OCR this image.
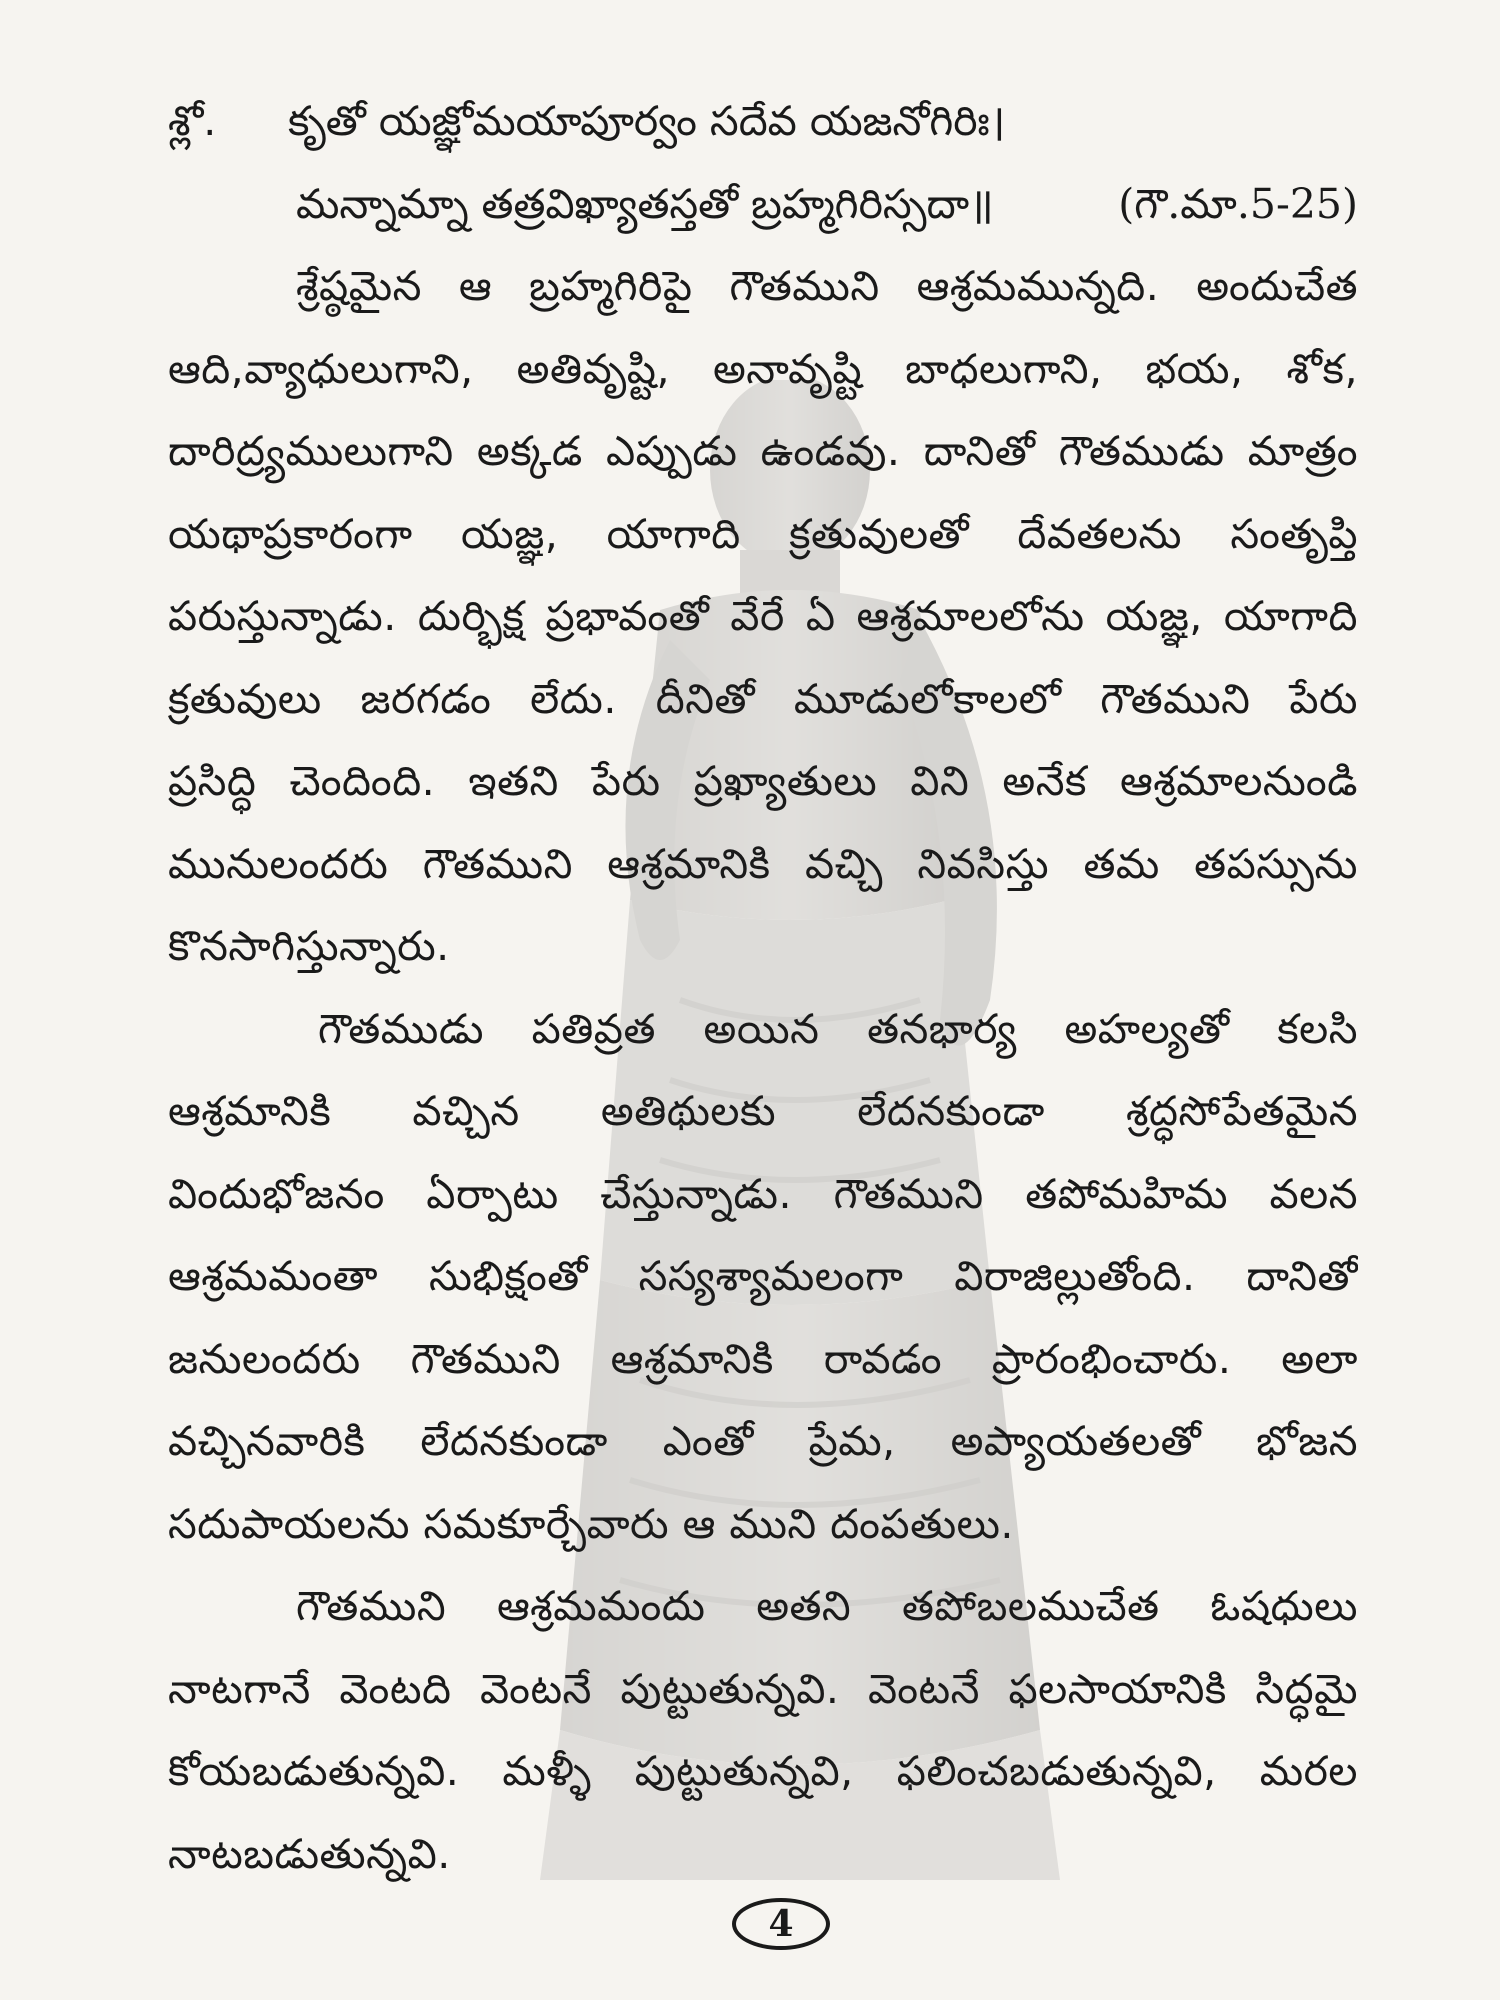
శ్లో.	కృతో యజ్ఞోమయాపూర్వం సదేవ యజనోగిరిః।
మన్నామ్నా తత్రవిఖ్యాతస్తతో బ్రహ్మగిరిస్సదా॥	(గౌ.మా.5-25)
శ్రేష్ఠమైన ఆ బ్రహ్మగిరిపై గౌతముని ఆశ్రమమున్నది. అందుచేత
ఆది,వ్యాధులుగాని, అతివృష్టి, అనావృష్టి బాధలుగాని, భయ, శోక,
దారిద్ర్యములుగాని అక్కడ ఎప్పుడు ఉండవు. దానితో గౌతముడు మాత్రం
యథాప్రకారంగా యజ్ఞ, యాగాది క్రతువులతో దేవతలను సంతృప్తి
పరుస్తున్నాడు. దుర్భిక్ష ప్రభావంతో వేరే ఏ ఆశ్రమాలలోను యజ్ఞ, యాగాది
క్రతువులు జరగడం లేదు. దీనితో మూడులోకాలలో గౌతముని పేరు
ప్రసిద్ధి చెందింది. ఇతని పేరు ప్రఖ్యాతులు విని అనేక ఆశ్రమాలనుండి
మునులందరు గౌతముని ఆశ్రమానికి వచ్చి నివసిస్తు తమ తపస్సును
కొనసాగిస్తున్నారు.
గౌతముడు పతివ్రత అయిన తనభార్య అహల్యతో కలసి
ఆశ్రమానికి వచ్చిన అతిథులకు లేదనకుండా శ్రద్ధసోపేతమైన
విందుభోజనం ఏర్పాటు చేస్తున్నాడు. గౌతముని తపోమహిమ వలన
ఆశ్రమమంతా సుభిక్షంతో సస్యశ్యామలంగా విరాజిల్లుతోంది. దానితో
జనులందరు గౌతముని ఆశ్రమానికి రావడం ప్రారంభించారు. అలా
వచ్చినవారికి లేదనకుండా ఎంతో ప్రేమ, అప్యాయతలతో భోజన
సదుపాయలను సమకూర్చేవారు ఆ ముని దంపతులు.
గౌతముని ఆశ్రమమందు అతని తపోబలముచేత ఓషధులు
నాటగానే వెంటది వెంటనే పుట్టుతున్నవి. వెంటనే ఫలసాయానికి సిద్ధమై
కోయబడుతున్నవి. మళ్ళీ పుట్టుతున్నవి, ఫలించబడుతున్నవి, మరల
నాటబడుతున్నవి.
4
